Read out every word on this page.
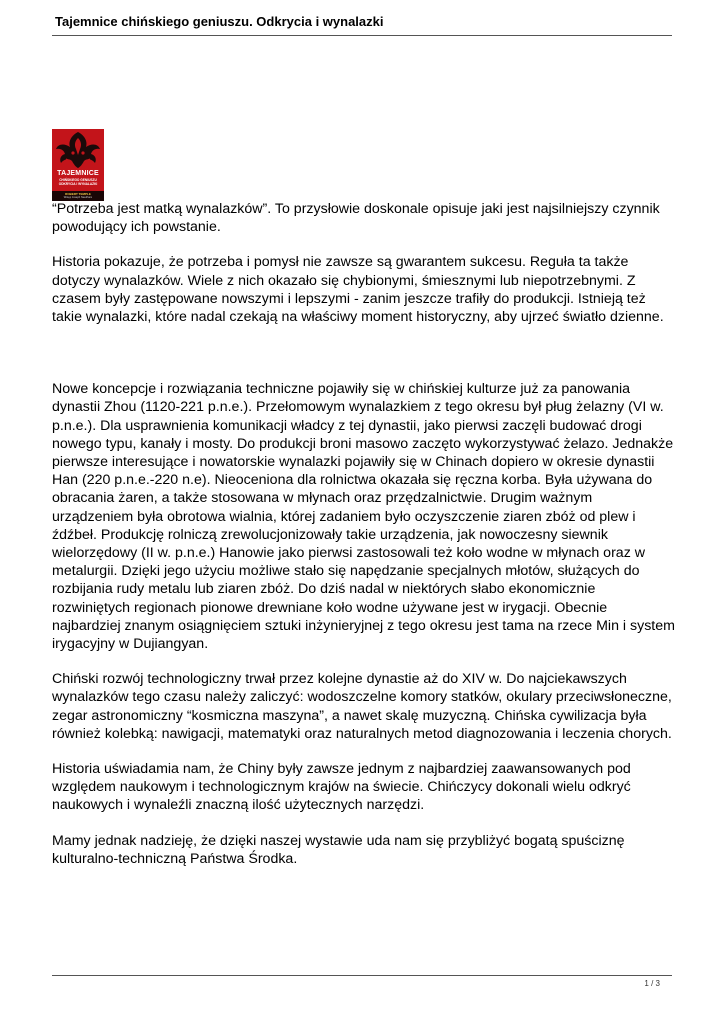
Tajemnice chińskiego geniuszu. Odkrycia i wynalazki
TAJEMNICE
CHIŃSKIEGO GENIUSZU
ODKRYCIA I WYNALAZKI
ROBERT TEMPLE
Wstęp Joseph Needham

“Potrzeba jest matką wynalazków”. To przysłowie doskonale opisuje jaki jest najsilniejszy czynnik powodujący ich powstanie.

Historia pokazuje, że potrzeba i pomysł nie zawsze są gwarantem sukcesu. Reguła ta także dotyczy wynalazków. Wiele z nich okazało się chybionymi, śmiesznymi lub niepotrzebnymi. Z czasem były zastępowane nowszymi i lepszymi - zanim jeszcze trafiły do produkcji. Istnieją też takie wynalazki, które nadal czekają na właściwy moment historyczny, aby ujrzeć światło dzienne.

Nowe koncepcje i rozwiązania techniczne pojawiły się w chińskiej kulturze już za panowania dynastii Zhou (1120-221 p.n.e.). Przełomowym wynalazkiem z tego okresu był pług żelazny (VI w. p.n.e.). Dla usprawnienia komunikacji władcy z tej dynastii, jako pierwsi zaczęli budować drogi nowego typu, kanały i mosty. Do produkcji broni masowo zaczęto wykorzystywać żelazo. Jednakże pierwsze interesujące i nowatorskie wynalazki pojawiły się w Chinach dopiero w okresie dynastii Han (220 p.n.e.-220 n.e). Nieoceniona dla rolnictwa okazała się ręczna korba. Była używana do obracania żaren, a także stosowana w młynach oraz przędzalnictwie. Drugim ważnym urządzeniem była obrotowa wialnia, której zadaniem było oczyszczenie ziaren zbóż od plew i źdźbeł. Produkcję rolniczą zrewolucjonizowały takie urządzenia, jak nowoczesny siewnik wielorzędowy (II w. p.n.e.) Hanowie jako pierwsi zastosowali też koło wodne w młynach oraz w metalurgii. Dzięki jego użyciu możliwe stało się napędzanie specjalnych młotów, służących do rozbijania rudy metalu lub ziaren zbóż. Do dziś nadal w niektórych słabo ekonomicznie rozwiniętych regionach pionowe drewniane koło wodne używane jest w irygacji. Obecnie najbardziej znanym osiągnięciem sztuki inżynieryjnej z tego okresu jest tama na rzece Min i system irygacyjny w Dujiangyan.

Chiński rozwój technologiczny trwał przez kolejne dynastie aż do XIV w. Do najciekawszych wynalazków tego czasu należy zaliczyć: wodoszczelne komory statków, okulary przeciwsłoneczne, zegar astronomiczny “kosmiczna maszyna”, a nawet skalę muzyczną. Chińska cywilizacja była również kolebką: nawigacji, matematyki oraz naturalnych metod diagnozowania i leczenia chorych.

Historia uświadamia nam, że Chiny były zawsze jednym z najbardziej zaawansowanych pod względem naukowym i technologicznym krajów na świecie. Chińczycy dokonali wielu odkryć naukowych i wynaleźli znaczną ilość użytecznych narzędzi.

Mamy jednak nadzieję, że dzięki naszej wystawie uda nam się przybliżyć bogatą spuściznę kulturalno-techniczną Państwa Środka.

1 / 3
